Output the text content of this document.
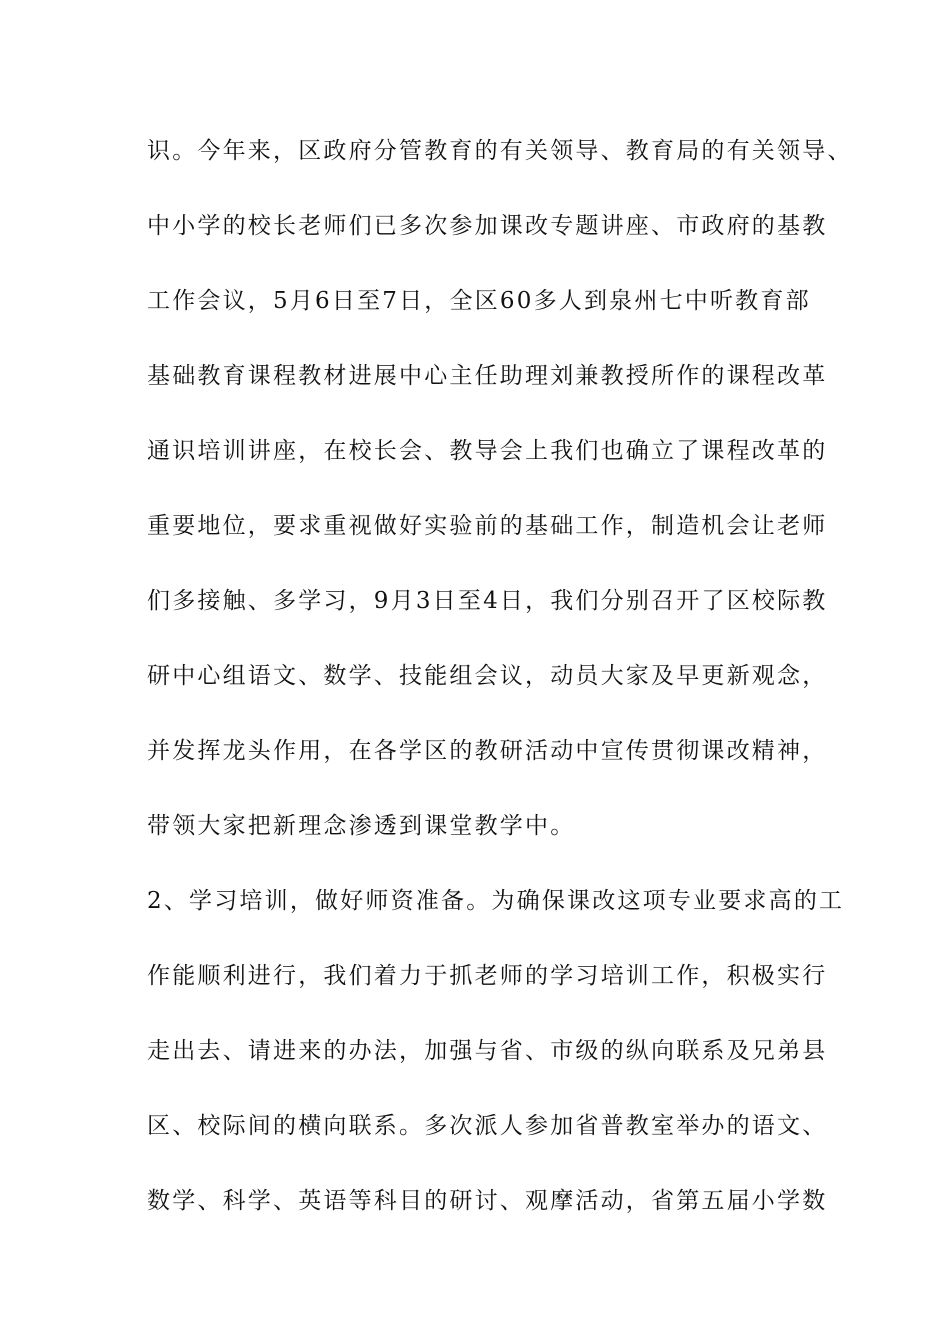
识。今年来，区政府分管教育的有关领导、教育局的有关领导、
中小学的校长老师们已多次参加课改专题讲座、市政府的基教
工作会议，5月6日至7日，全区60多人到泉州七中听教育部
基础教育课程教材进展中心主任助理刘兼教授所作的课程改革
通识培训讲座，在校长会、教导会上我们也确立了课程改革的
重要地位，要求重视做好实验前的基础工作，制造机会让老师
们多接触、多学习，9月3日至4日，我们分别召开了区校际教
研中心组语文、数学、技能组会议，动员大家及早更新观念，
并发挥龙头作用，在各学区的教研活动中宣传贯彻课改精神，
带领大家把新理念渗透到课堂教学中。
2、学习培训，做好师资准备。为确保课改这项专业要求高的工
作能顺利进行，我们着力于抓老师的学习培训工作，积极实行
走出去、请进来的办法，加强与省、市级的纵向联系及兄弟县
区、校际间的横向联系。多次派人参加省普教室举办的语文、
数学、科学、英语等科目的研讨、观摩活动，省第五届小学数
